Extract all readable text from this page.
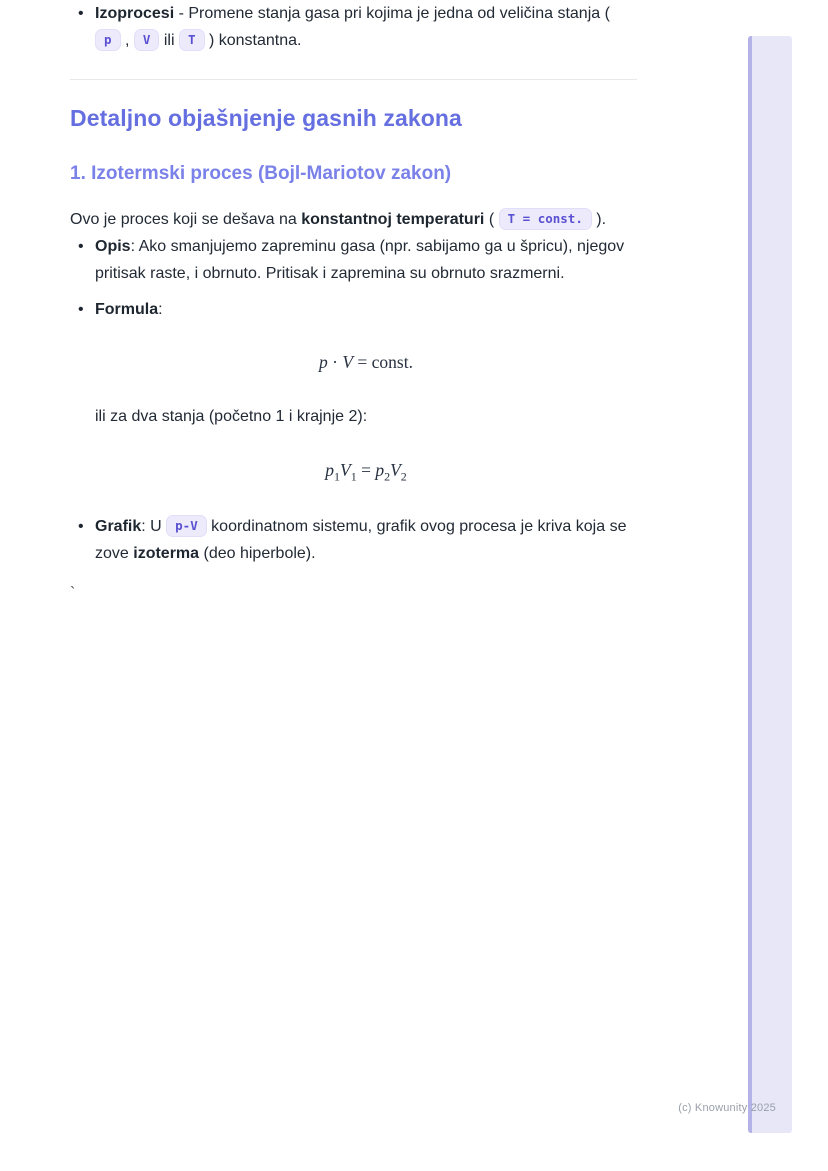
• Izoprocesi - Promene stanja gasa pri kojima je jedna od veličina stanja ( p , V ili T ) konstantna.
Detaljno objašnjenje gasnih zakona
1. Izotermski proces (Bojl-Mariotov zakon)

Ovo je proces koji se dešava na konstantnoj temperaturi ( T = const. ).

• Opis: Ako smanjujemo zapreminu gasa (npr. sabijamo ga u špricu), njegov pritisak raste, i obrnuto. Pritisak i zapremina su obrnuto srazmerni.
• Formula:
p · V = const.
ili za dva stanja (početno 1 i krajnje 2):
$p_1V_1 = p_2V_2$
• Grafik: U p-V koordinatnom sistemu, grafik ovog procesa je kriva koja se zove izoterma (deo hiperbole).
`
(c) Knowunity 2025
